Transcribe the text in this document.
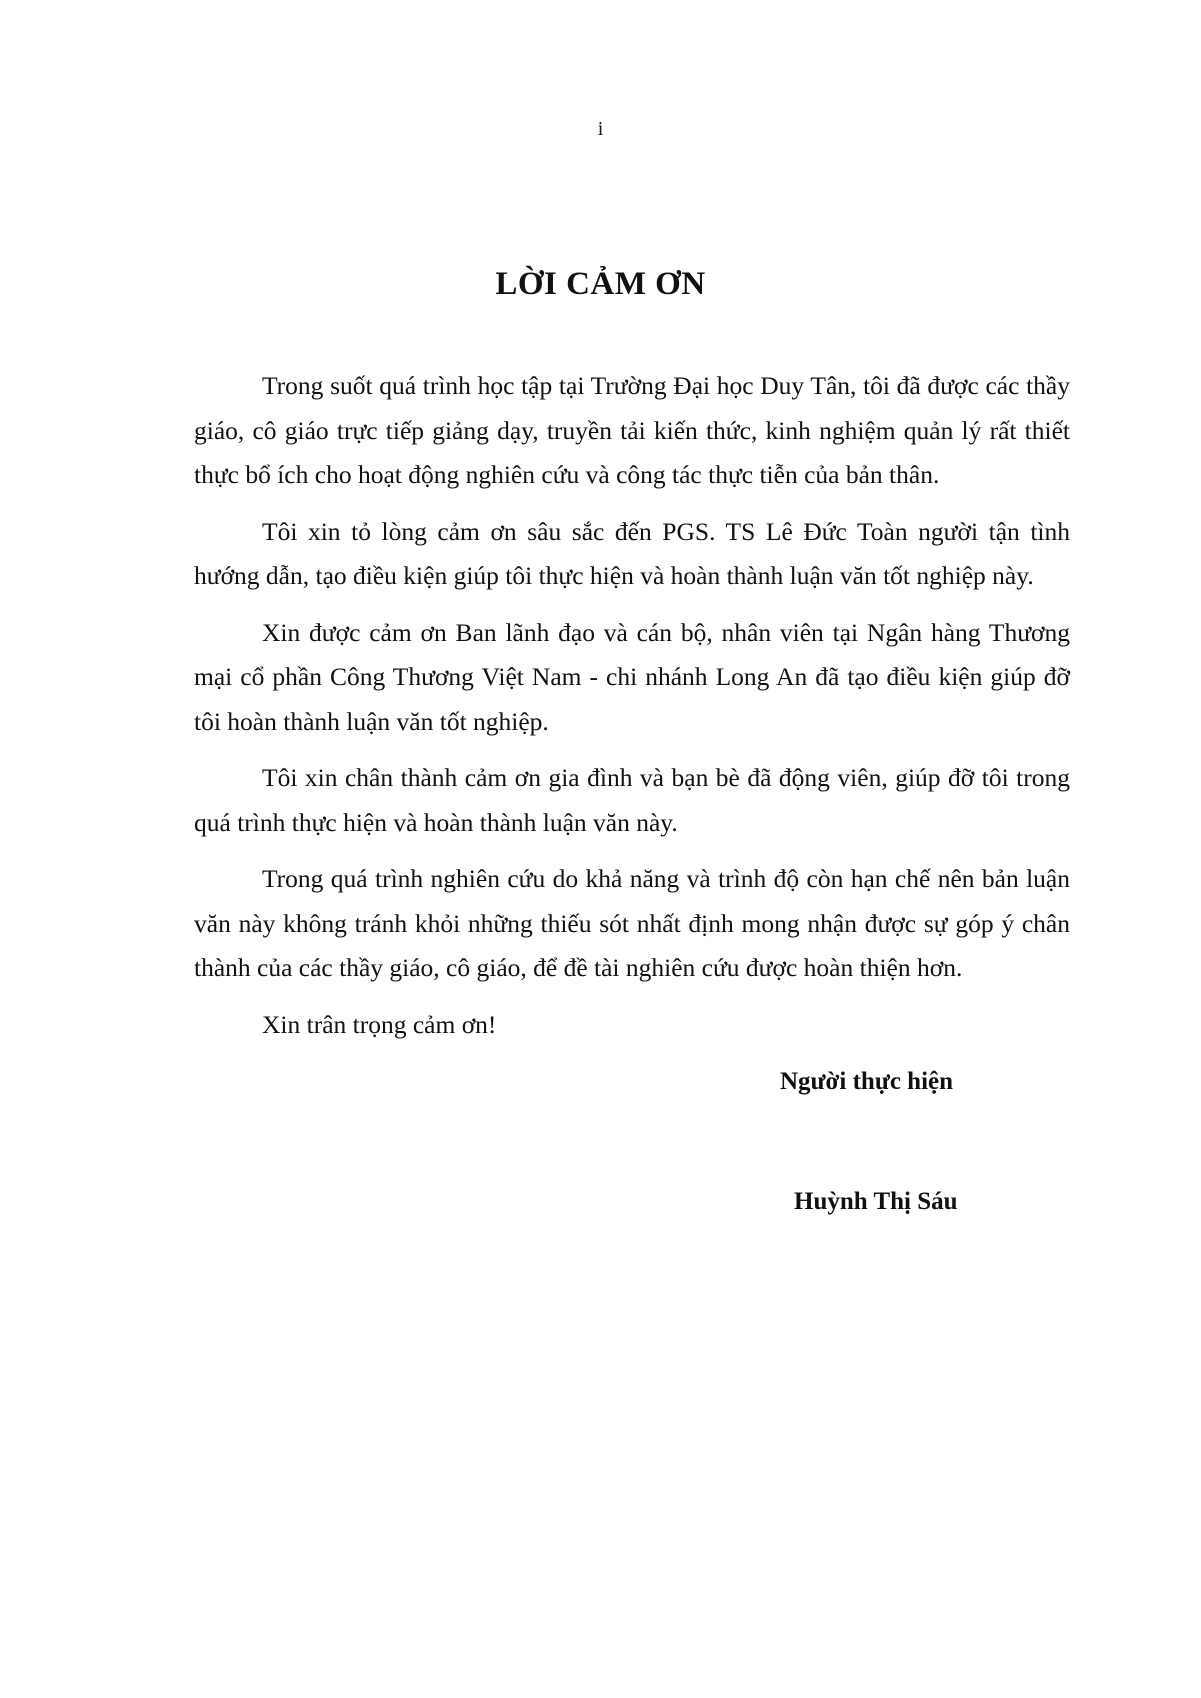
i
LỜI CẢM ƠN

Trong suốt quá trình học tập tại Trường Đại học Duy Tân, tôi đã được các thầy giáo, cô giáo trực tiếp giảng dạy, truyền tải kiến thức, kinh nghiệm quản lý rất thiết thực bổ ích cho hoạt động nghiên cứu và công tác thực tiễn của bản thân.

Tôi xin tỏ lòng cảm ơn sâu sắc đến PGS. TS Lê Đức Toàn người tận tình hướng dẫn, tạo điều kiện giúp tôi thực hiện và hoàn thành luận văn tốt nghiệp này.

Xin được cảm ơn Ban lãnh đạo và cán bộ, nhân viên tại Ngân hàng Thương mại cổ phần Công Thương Việt Nam - chi nhánh Long An đã tạo điều kiện giúp đỡ tôi hoàn thành luận văn tốt nghiệp.

Tôi xin chân thành cảm ơn gia đình và bạn bè đã động viên, giúp đỡ tôi trong quá trình thực hiện và hoàn thành luận văn này.

Trong quá trình nghiên cứu do khả năng và trình độ còn hạn chế nên bản luận văn này không tránh khỏi những thiếu sót nhất định mong nhận được sự góp ý chân thành của các thầy giáo, cô giáo, để đề tài nghiên cứu được hoàn thiện hơn.

Xin trân trọng cảm ơn!

Người thực hiện
Huỳnh Thị Sáu
